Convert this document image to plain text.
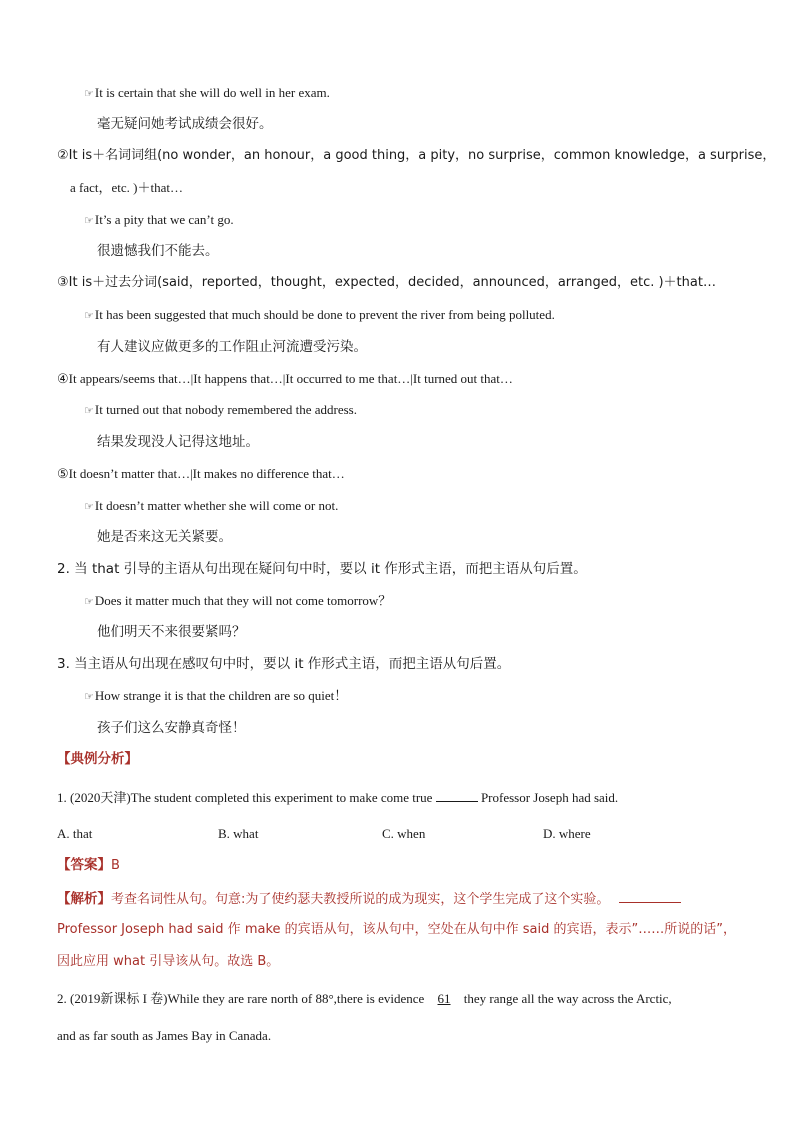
☞It is certain that she will do well in her exam.
毫无疑问她考试成绩会很好。
②It is＋名词词组(no wonder，an honour，a good thing，a pity，no surprise，common knowledge，a surprise，
a fact，etc. )＋that…
☞It’s a pity that we can’t go.
很遗憾我们不能去。
③It is＋过去分词(said，reported，thought，expected，decided，announced，arranged，etc. )＋that…
☞It has been suggested that much should be done to prevent the river from being polluted.
有人建议应做更多的工作阻止河流遭受污染。
④It appears/seems that…|It happens that…|It occurred to me that…|It turned out that…
☞It turned out that nobody remembered the address.
结果发现没人记得这地址。
⑤It doesn’t matter that…|It makes no difference that…
☞It doesn’t matter whether she will come or not.
她是否来这无关紧要。
2. 当 that 引导的主语从句出现在疑问句中时，要以 it 作形式主语，而把主语从句后置。
☞Does it matter much that they will not come tomorrow？
他们明天不来很要紧吗？
3. 当主语从句出现在感叹句中时，要以 it 作形式主语，而把主语从句后置。
☞How strange it is that the children are so quiet！
孩子们这么安静真奇怪！
【典例分析】
1. (2020天津)The student completed this experiment to make come true	Professor Joseph had said.
A. that	B. what	C. when	D. where
【答案】B
【解析】考查名词性从句。句意:为了使约瑟夫教授所说的成为现实，这个学生完成了这个实验。
Professor Joseph had said 作 make 的宾语从句，该从句中，空处在从句中作 said 的宾语，表示”……所说的话”，
因此应用 what 引导该从句。故选 B。
2. (2019新课标 I 卷)While they are rare north of 88°,there is evidence 61 they range all the way across the Arctic,
and as far south as James Bay in Canada.
